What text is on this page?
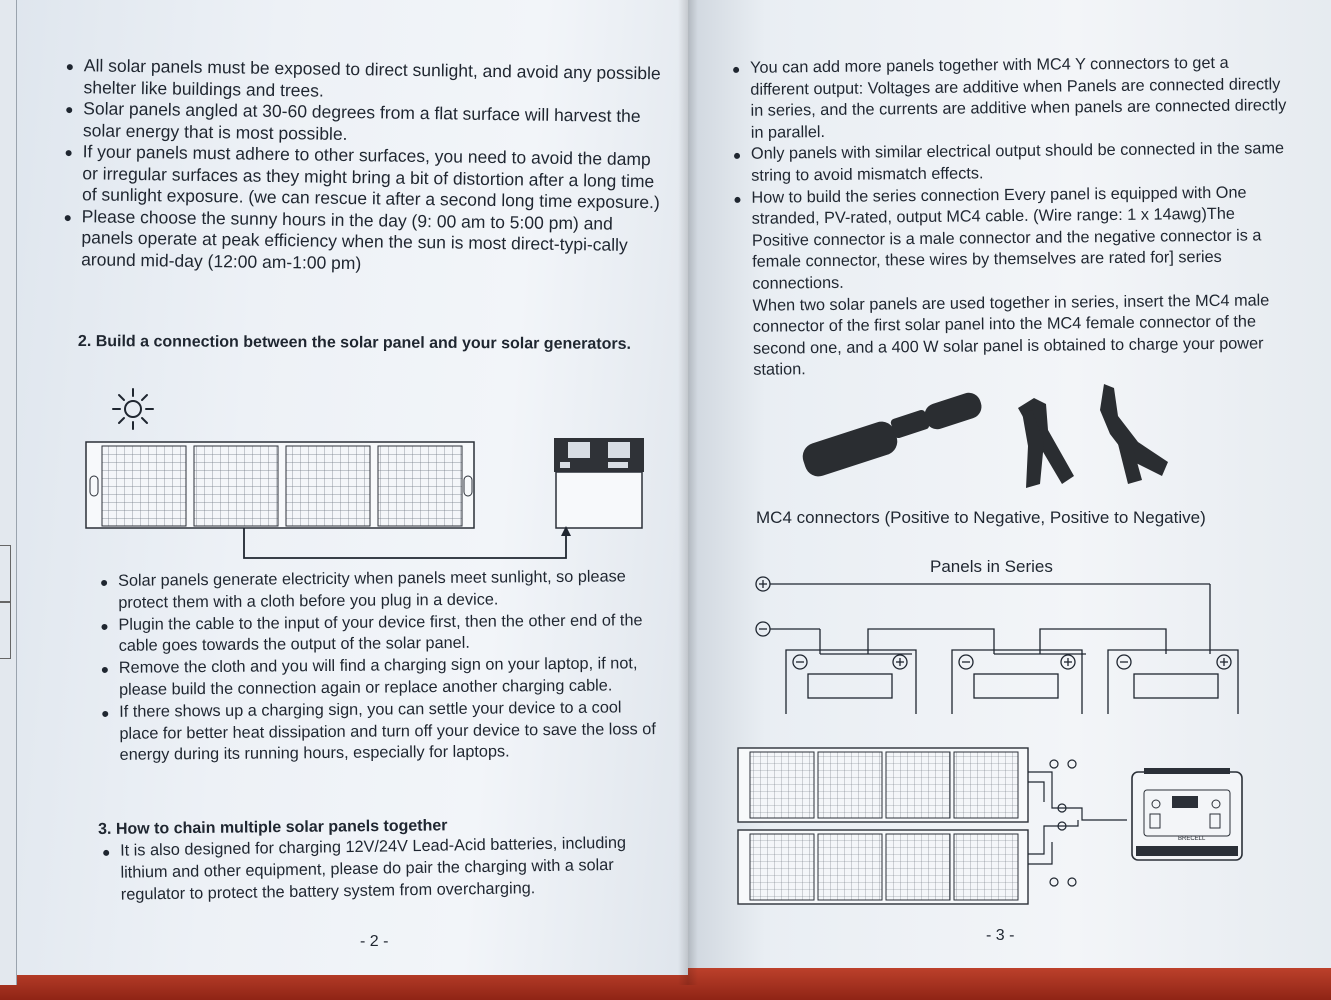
All solar panels must be exposed to direct sunlight, and avoid any possible shelter like buildings and trees.
Solar panels angled at 30-60 degrees from a flat surface will harvest the solar energy that is most possible.
If your panels must adhere to other surfaces, you need to avoid the damp or irregular surfaces as they might bring a bit of distortion after a long time of sunlight exposure. (we can rescue it after a second long time exposure.)
Please choose the sunny hours in the day (9: 00 am to 5:00 pm) and panels operate at peak efficiency when the sun is most direct-typi-cally around mid-day (12:00 am-1:00 pm)
2. Build a connection between the solar panel and your solar generators.
Solar panels generate electricity when panels meet sunlight, so please protect them with a cloth before you plug in a device.
Plugin the cable to the input of your device first, then the other end of the cable goes towards the output of the solar panel.
Remove the cloth and you will find a charging sign on your laptop, if not, please build the connection again or replace another charging cable.
If there shows up a charging sign, you can settle your device to a cool place for better heat dissipation and turn off your device to save the loss of energy during its running hours, especially for laptops.
3. How to chain multiple solar panels together
It is also designed for charging 12V/24V Lead-Acid batteries, including lithium and other equipment, please do pair the charging with a solar regulator to protect the battery system from overcharging.
- 2 -
You can add more panels together with MC4 Y connectors to get a different output: Voltages are additive when Panels are connected directly in series, and the currents are additive when panels are connected directly in parallel.
Only panels with similar electrical output should be connected in the same string to avoid mismatch effects.
How to build the series connection Every panel is equipped with One stranded, PV-rated, output MC4 cable. (Wire range: 1 x 14awg)The Positive connector is a male connector and the negative connector is a female connector, these wires by themselves are rated for] series connections.
When two solar panels are used together in series, insert the MC4 male connector of the first solar panel into the MC4 female connector of the second one, and a 400 W solar panel is obtained to charge your power station.
MC4 connectors (Positive to Negative, Positive to Negative)
Panels in Series
BRECELL
- 3 -
